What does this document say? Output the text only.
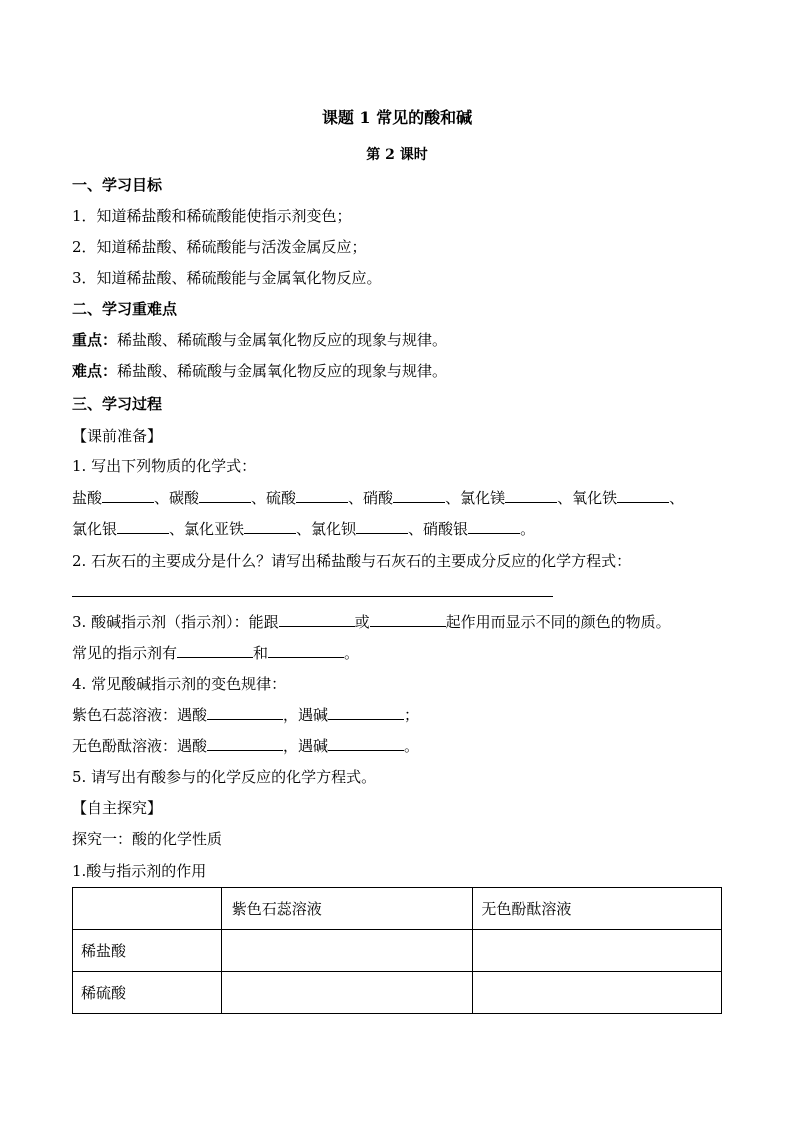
课题 1 常见的酸和碱
第 2 课时
一、学习目标
1．知道稀盐酸和稀硫酸能使指示剂变色；
2．知道稀盐酸、稀硫酸能与活泼金属反应；
3．知道稀盐酸、稀硫酸能与金属氧化物反应。
二、学习重难点
重点：稀盐酸、稀硫酸与金属氧化物反应的现象与规律。
难点：稀盐酸、稀硫酸与金属氧化物反应的现象与规律。
三、学习过程
【课前准备】
1. 写出下列物质的化学式：
盐酸	、碳酸	、硫酸	、硝酸	、氯化镁	、氧化铁	、
氯化银	、氯化亚铁	、氯化钡	、硝酸银	。
2. 石灰石的主要成分是什么？请写出稀盐酸与石灰石的主要成分反应的化学方程式：
3. 酸碱指示剂（指示剂）：能跟	或	起作用而显示不同的颜色的物质。
常见的指示剂有	和	。
4. 常见酸碱指示剂的变色规律：
紫色石蕊溶液：遇酸	，遇碱	；
无色酚酞溶液：遇酸	，遇碱	。
5. 请写出有酸参与的化学反应的化学方程式。
【自主探究】
探究一：酸的化学性质
1.酸与指示剂的作用
	紫色石蕊溶液	无色酚酞溶液
稀盐酸		
稀硫酸		
